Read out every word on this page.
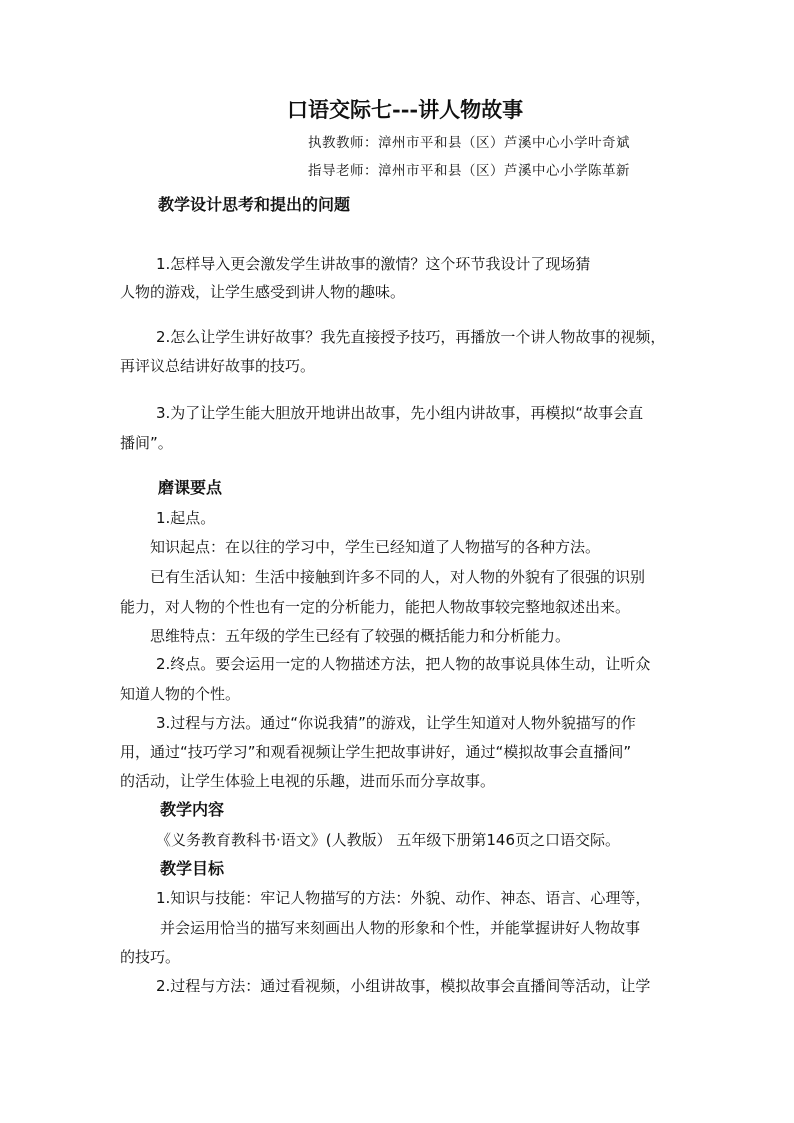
口语交际七---讲人物故事
执教教师：漳州市平和县（区）芦溪中心小学叶奇斌
指导老师：漳州市平和县（区）芦溪中心小学陈革新
教学设计思考和提出的问题
1.怎样导入更会激发学生讲故事的激情？这个环节我设计了现场猜
人物的游戏，让学生感受到讲人物的趣味。
2.怎么让学生讲好故事？我先直接授予技巧，再播放一个讲人物故事的视频，
再评议总结讲好故事的技巧。
3.为了让学生能大胆放开地讲出故事，先小组内讲故事，再模拟“故事会直
播间”。
磨课要点
1.起点。
知识起点：在以往的学习中，学生已经知道了人物描写的各种方法。
已有生活认知：生活中接触到许多不同的人，对人物的外貌有了很强的识别
能力，对人物的个性也有一定的分析能力，能把人物故事较完整地叙述出来。
思维特点：五年级的学生已经有了较强的概括能力和分析能力。
2.终点。要会运用一定的人物描述方法，把人物的故事说具体生动，让听众
知道人物的个性。
3.过程与方法。通过“你说我猜”的游戏，让学生知道对人物外貌描写的作
用，通过“技巧学习”和观看视频让学生把故事讲好，通过“模拟故事会直播间”
的活动，让学生体验上电视的乐趣，进而乐而分享故事。
教学内容
《义务教育教科书·语文》(人教版） 五年级下册第146页之口语交际。
教学目标
1.知识与技能：牢记人物描写的方法：外貌、动作、神态、语言、心理等，
并会运用恰当的描写来刻画出人物的形象和个性，并能掌握讲好人物故事
的技巧。
2.过程与方法：通过看视频，小组讲故事，模拟故事会直播间等活动，让学
